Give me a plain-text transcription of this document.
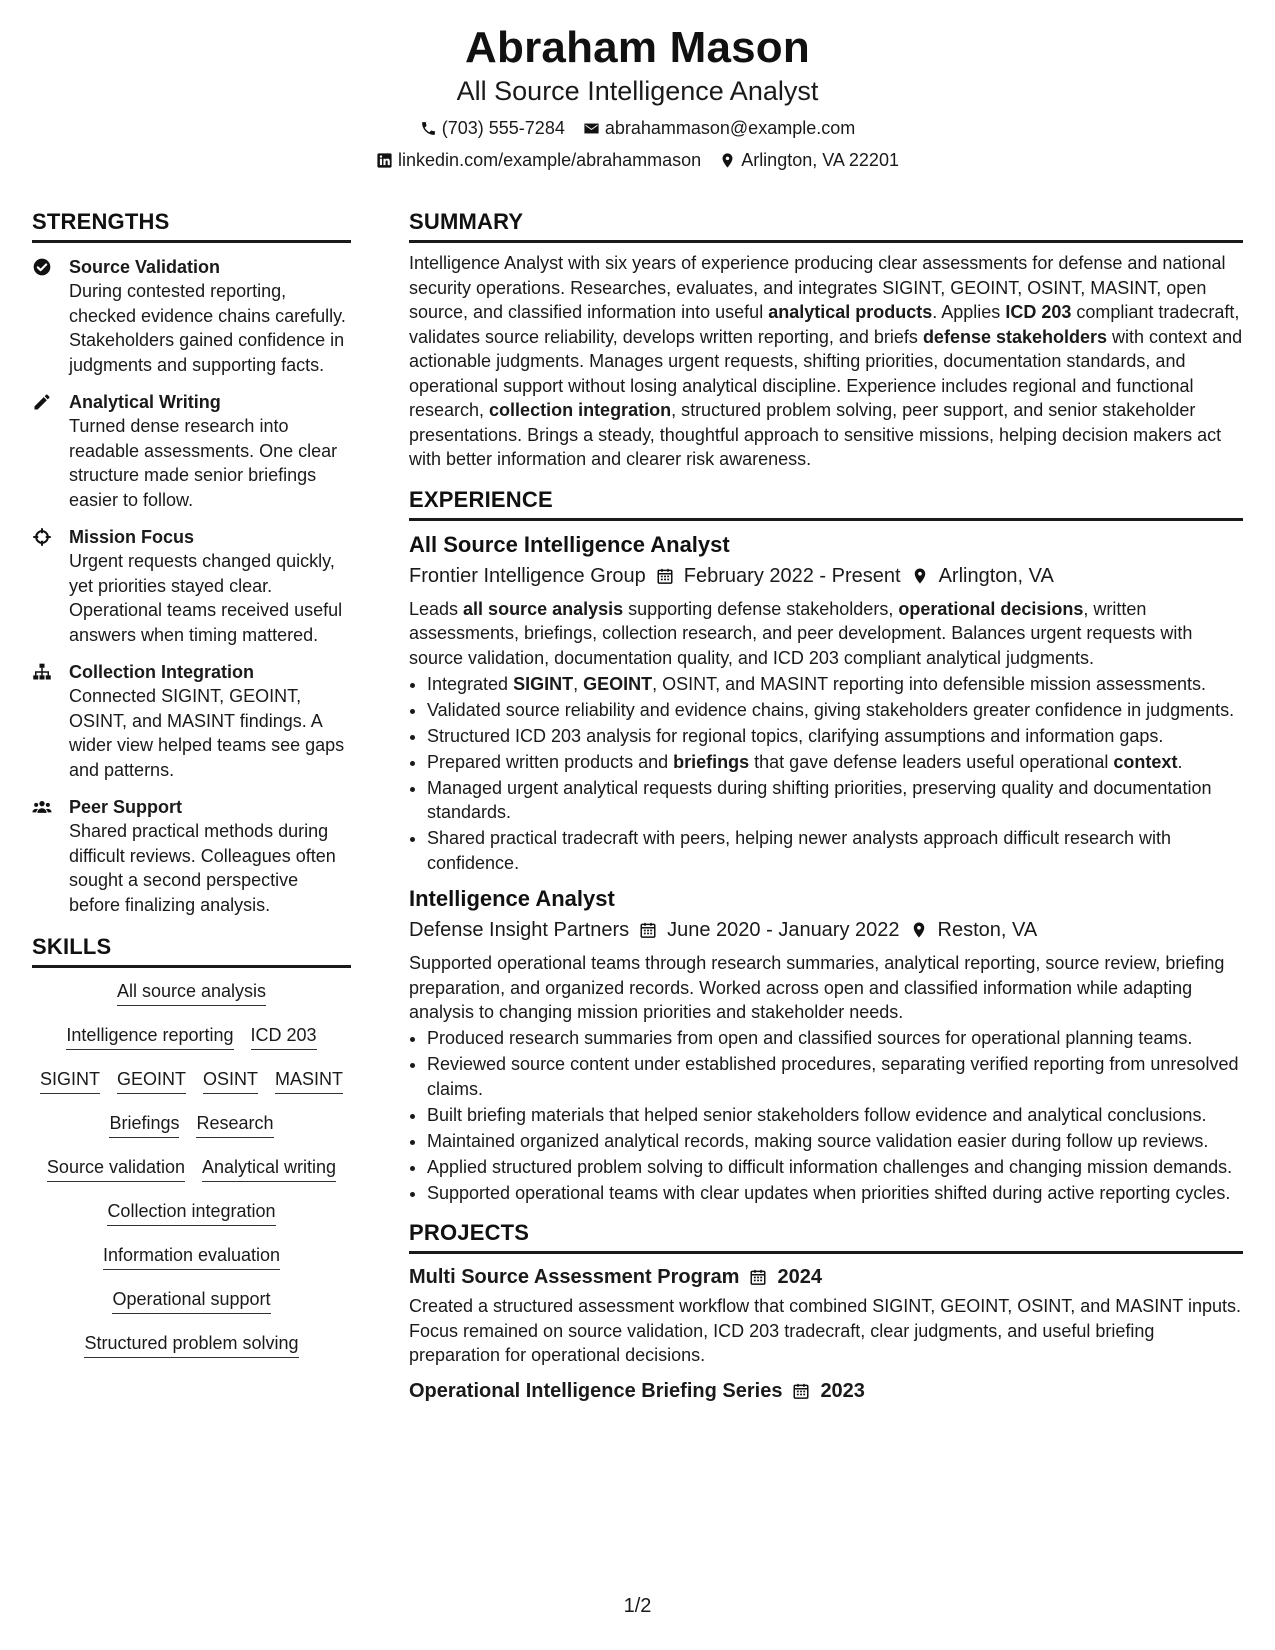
Abraham Mason
All Source Intelligence Analyst
(703) 555-7284 abrahammason@example.com
linkedin.com/example/abrahammason Arlington, VA 22201
STRENGTHS
Source Validation
During contested reporting, checked evidence chains carefully. Stakeholders gained confidence in judgments and supporting facts.
Analytical Writing
Turned dense research into readable assessments. One clear structure made senior briefings easier to follow.
Mission Focus
Urgent requests changed quickly, yet priorities stayed clear. Operational teams received useful answers when timing mattered.
Collection Integration
Connected SIGINT, GEOINT, OSINT, and MASINT findings. A wider view helped teams see gaps and patterns.
Peer Support
Shared practical methods during difficult reviews. Colleagues often sought a second perspective before finalizing analysis.
SKILLS
All source analysis
Intelligence reporting ICD 203
SIGINT GEOINT OSINT MASINT
Briefings Research
Source validation Analytical writing
Collection integration
Information evaluation
Operational support
Structured problem solving
SUMMARY
Intelligence Analyst with six years of experience producing clear assessments for defense and national security operations. Researches, evaluates, and integrates SIGINT, GEOINT, OSINT, MASINT, open source, and classified information into useful analytical products. Applies ICD 203 compliant tradecraft, validates source reliability, develops written reporting, and briefs defense stakeholders with context and actionable judgments. Manages urgent requests, shifting priorities, documentation standards, and operational support without losing analytical discipline. Experience includes regional and functional research, collection integration, structured problem solving, peer support, and senior stakeholder presentations. Brings a steady, thoughtful approach to sensitive missions, helping decision makers act with better information and clearer risk awareness.
EXPERIENCE
All Source Intelligence Analyst
Frontier Intelligence Group February 2022 - Present Arlington, VA
Leads all source analysis supporting defense stakeholders, operational decisions, written assessments, briefings, collection research, and peer development. Balances urgent requests with source validation, documentation quality, and ICD 203 compliant analytical judgments.
• Integrated SIGINT, GEOINT, OSINT, and MASINT reporting into defensible mission assessments.
• Validated source reliability and evidence chains, giving stakeholders greater confidence in judgments.
• Structured ICD 203 analysis for regional topics, clarifying assumptions and information gaps.
• Prepared written products and briefings that gave defense leaders useful operational context.
• Managed urgent analytical requests during shifting priorities, preserving quality and documentation standards.
• Shared practical tradecraft with peers, helping newer analysts approach difficult research with confidence.
Intelligence Analyst
Defense Insight Partners June 2020 - January 2022 Reston, VA
Supported operational teams through research summaries, analytical reporting, source review, briefing preparation, and organized records. Worked across open and classified information while adapting analysis to changing mission priorities and stakeholder needs.
• Produced research summaries from open and classified sources for operational planning teams.
• Reviewed source content under established procedures, separating verified reporting from unresolved claims.
• Built briefing materials that helped senior stakeholders follow evidence and analytical conclusions.
• Maintained organized analytical records, making source validation easier during follow up reviews.
• Applied structured problem solving to difficult information challenges and changing mission demands.
• Supported operational teams with clear updates when priorities shifted during active reporting cycles.
PROJECTS
Multi Source Assessment Program 2024
Created a structured assessment workflow that combined SIGINT, GEOINT, OSINT, and MASINT inputs. Focus remained on source validation, ICD 203 tradecraft, clear judgments, and useful briefing preparation for operational decisions.
Operational Intelligence Briefing Series 2023
1/2
